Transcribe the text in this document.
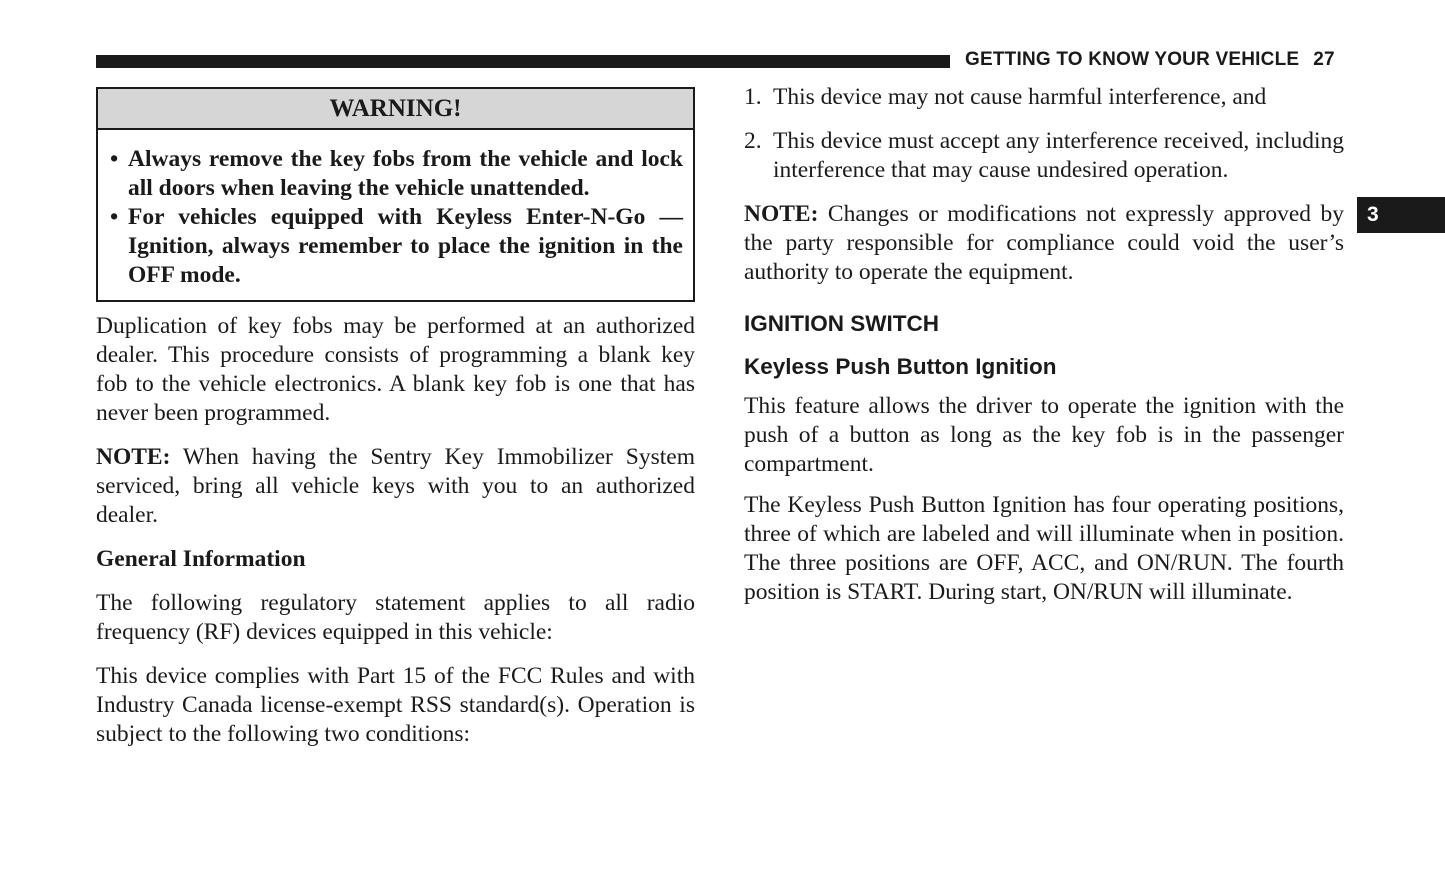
GETTING TO KNOW YOUR VEHICLE 27
3
WARNING!
• Always remove the key fobs from the vehicle and lock all doors when leaving the vehicle unattended.
• For vehicles equipped with Keyless Enter-N-Go — Ignition, always remember to place the ignition in the OFF mode.

Duplication of key fobs may be performed at an authorized dealer. This procedure consists of programming a blank key fob to the vehicle electronics. A blank key fob is one that has never been programmed.

NOTE: When having the Sentry Key Immobilizer System serviced, bring all vehicle keys with you to an authorized dealer.

General Information

The following regulatory statement applies to all radio frequency (RF) devices equipped in this vehicle:

This device complies with Part 15 of the FCC Rules and with Industry Canada license-exempt RSS standard(s). Operation is subject to the following two conditions:

1. This device may not cause harmful interference, and
2. This device must accept any interference received, including interference that may cause undesired operation.

NOTE: Changes or modifications not expressly approved by the party responsible for compliance could void the user’s authority to operate the equipment.

IGNITION SWITCH

Keyless Push Button Ignition

This feature allows the driver to operate the ignition with the push of a button as long as the key fob is in the passenger compartment.

The Keyless Push Button Ignition has four operating positions, three of which are labeled and will illuminate when in position. The three positions are OFF, ACC, and ON/RUN. The fourth position is START. During start, ON/RUN will illuminate.
